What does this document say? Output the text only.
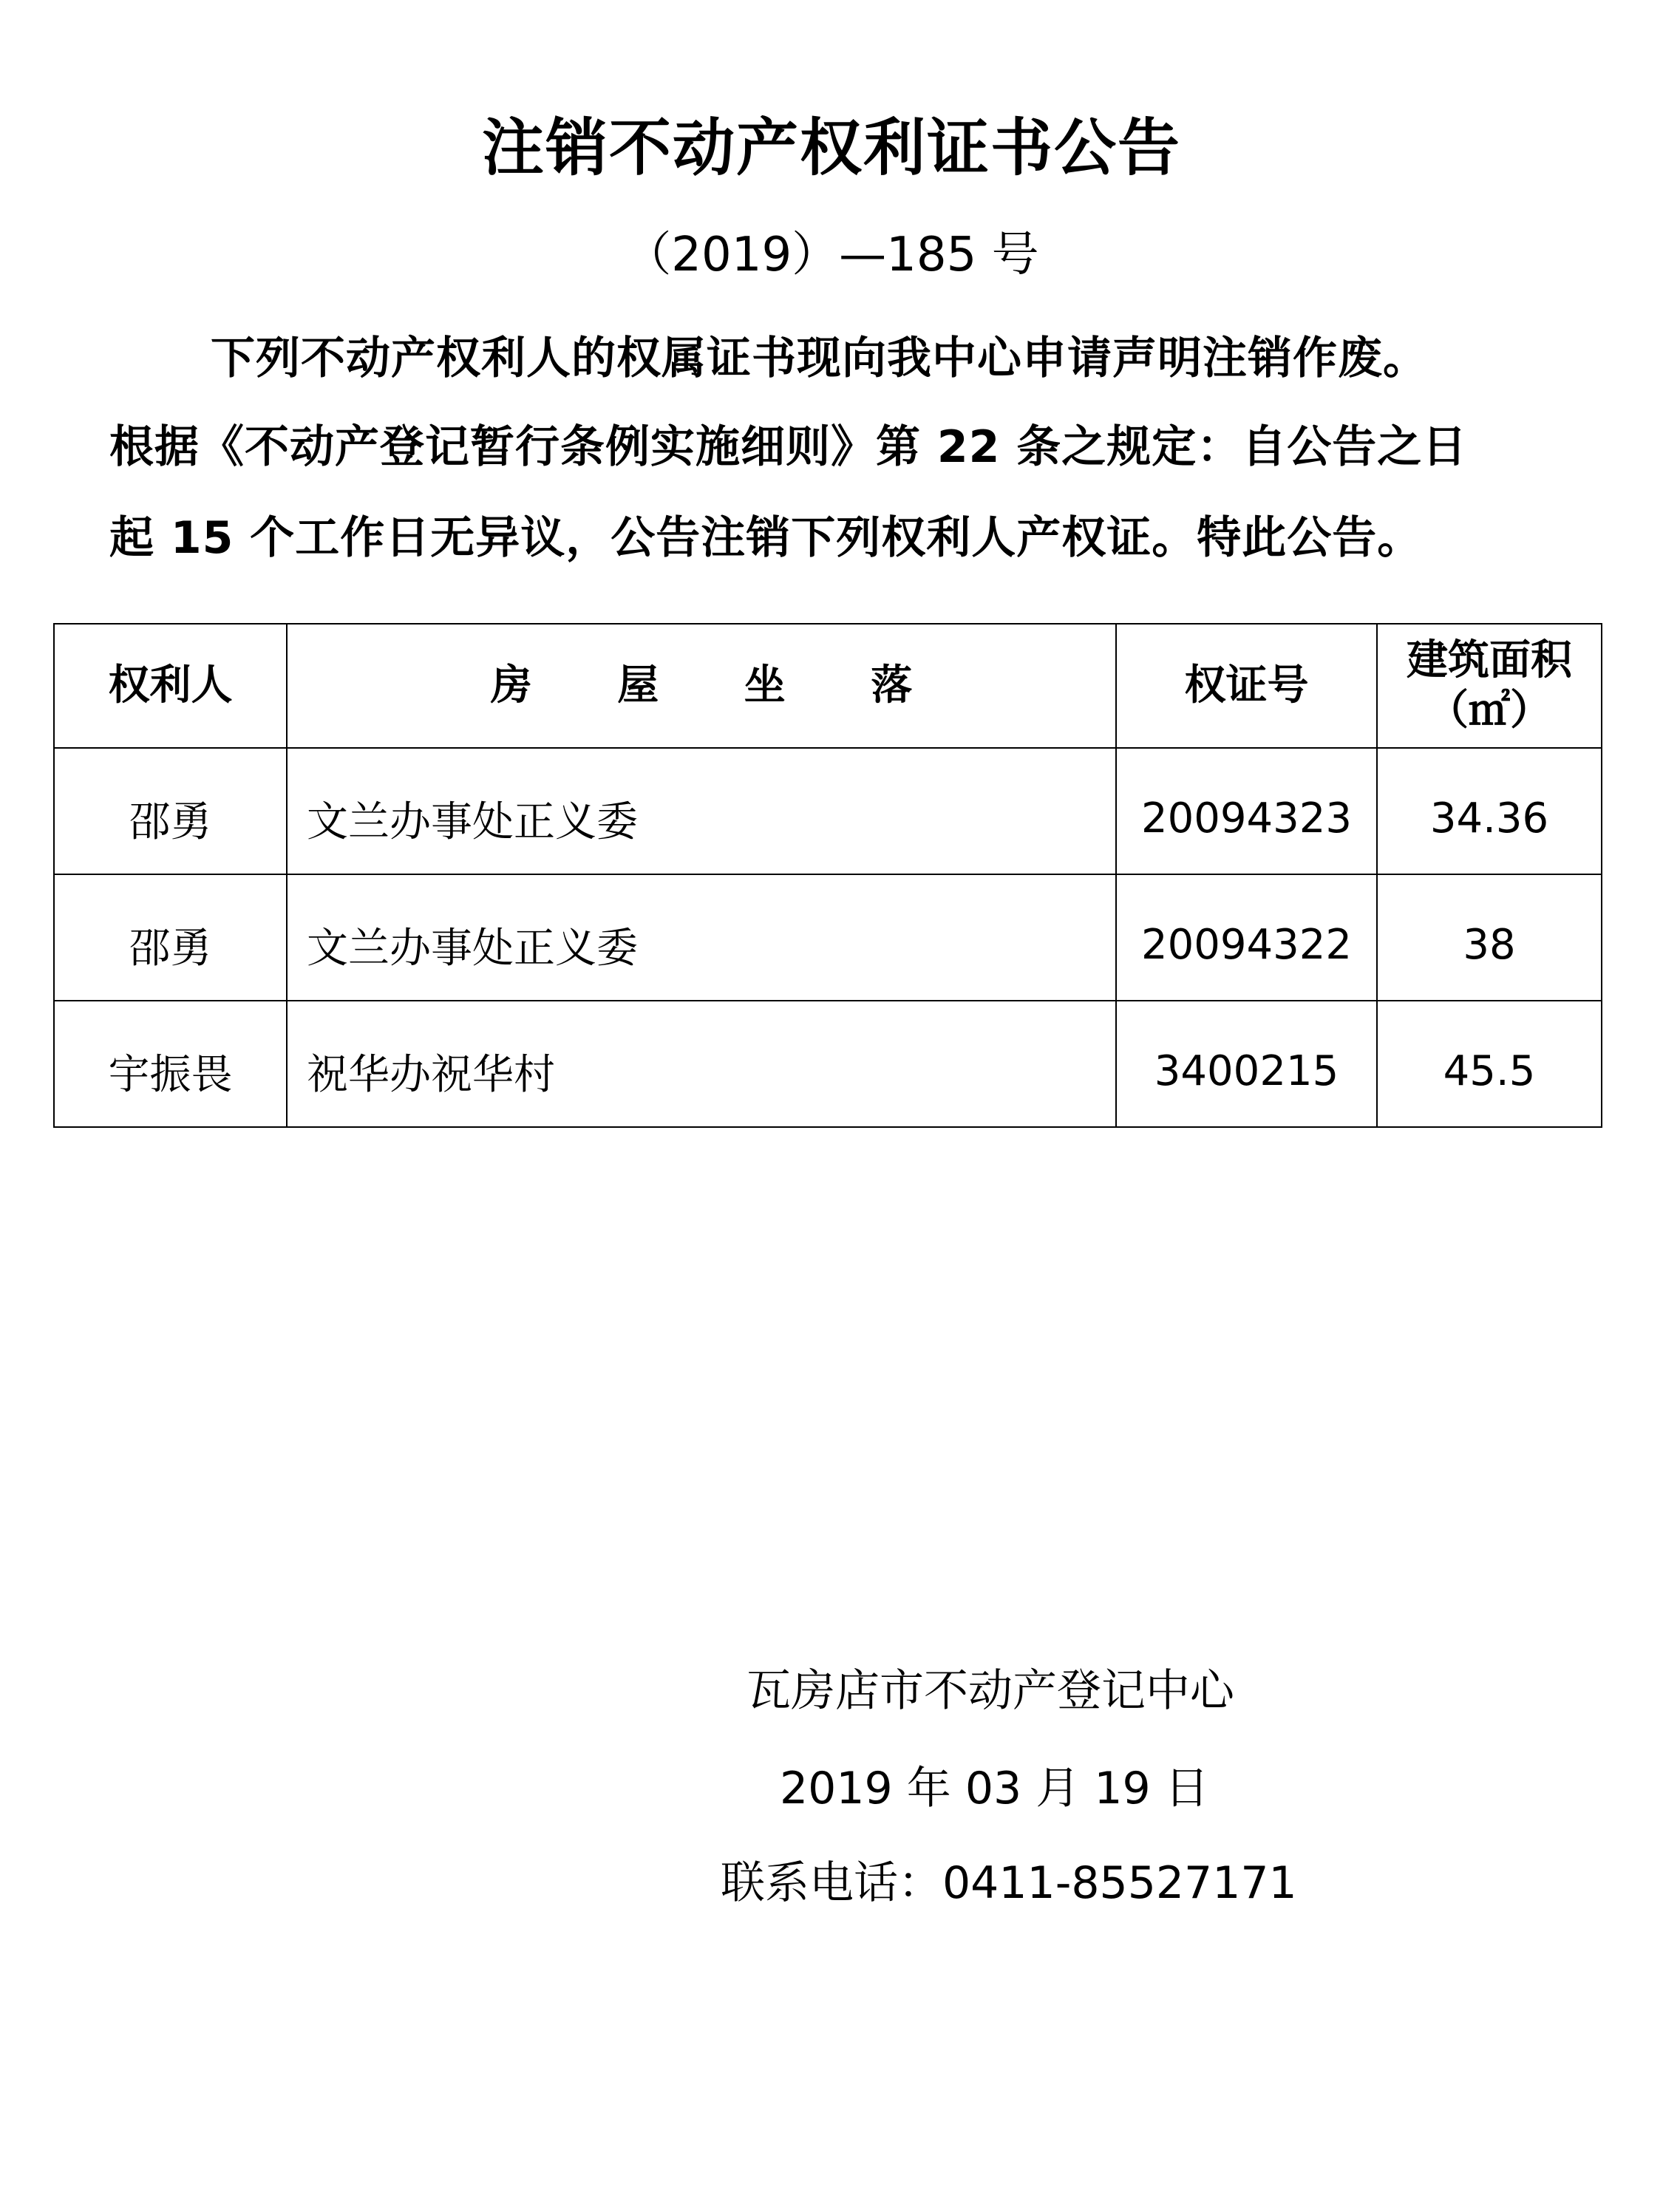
注销不动产权利证书公告
（2019）—185 号
下列不动产权利人的权属证书现向我中心申请声明注销作废。
根据《不动产登记暂行条例实施细则》第 22 条之规定：自公告之日
起 15 个工作日无异议，公告注销下列权利人产权证。特此公告。
权利人	房 屋 坐 落	权证号	建筑面积
（㎡）

邵勇	文兰办事处正义委	20094323	34.36
邵勇	文兰办事处正义委	20094322	38
宇振畏	祝华办祝华村	3400215	45.5
瓦房店市不动产登记中心
2019 年 03 月 19 日
联系电话：0411-85527171
